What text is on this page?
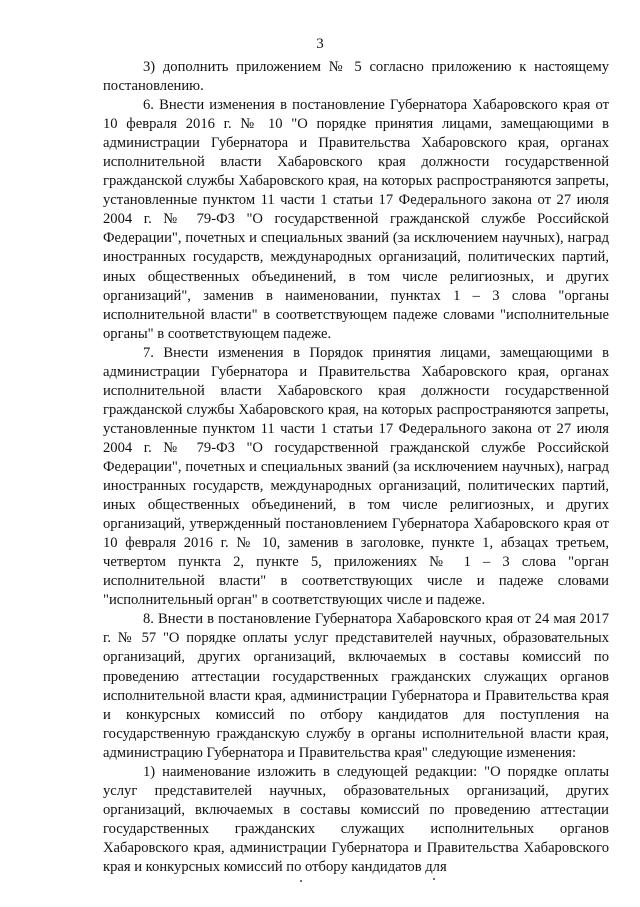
3

3) дополнить приложением № 5 согласно приложению к настоящему постановлению.

6. Внести изменения в постановление Губернатора Хабаровского края от 10 февраля 2016 г. № 10 "О порядке принятия лицами, замещающими в администрации Губернатора и Правительства Хабаровского края, органах исполнительной власти Хабаровского края должности государственной гражданской службы Хабаровского края, на которых распространяются запреты, установленные пунктом 11 части 1 статьи 17 Федерального закона от 27 июля 2004 г. № 79-ФЗ "О государственной гражданской службе Российской Федерации", почетных и специальных званий (за исключением научных), наград иностранных государств, международных организаций, политических партий, иных общественных объединений, в том числе религиозных, и других организаций", заменив в наименовании, пунктах 1 – 3 слова "органы исполнительной власти" в соответствующем падеже словами "исполнительные органы" в соответствующем падеже.

7. Внести изменения в Порядок принятия лицами, замещающими в администрации Губернатора и Правительства Хабаровского края, органах исполнительной власти Хабаровского края должности государственной гражданской службы Хабаровского края, на которых распространяются запреты, установленные пунктом 11 части 1 статьи 17 Федерального закона от 27 июля 2004 г. № 79-ФЗ "О государственной гражданской службе Российской Федерации", почетных и специальных званий (за исключением научных), наград иностранных государств, международных организаций, политических партий, иных общественных объединений, в том числе религиозных, и других организаций, утвержденный постановлением Губернатора Хабаровского края от 10 февраля 2016 г. № 10, заменив в заголовке, пункте 1, абзацах третьем, четвертом пункта 2, пункте 5, приложениях № 1 – 3 слова "орган исполнительной власти" в соответствующих числе и падеже словами "исполнительный орган" в соответствующих числе и падеже.

8. Внести в постановление Губернатора Хабаровского края от 24 мая 2017 г. № 57 "О порядке оплаты услуг представителей научных, образовательных организаций, других организаций, включаемых в составы комиссий по проведению аттестации государственных гражданских служащих органов исполнительной власти края, администрации Губернатора и Правительства края и конкурсных комиссий по отбору кандидатов для поступления на государственную гражданскую службу в органы исполнительной власти края, администрацию Губернатора и Правительства края" следующие изменения:

1) наименование изложить в следующей редакции: "О порядке оплаты услуг представителей научных, образовательных организаций, других организаций, включаемых в составы комиссий по проведению аттестации государственных гражданских служащих исполнительных органов Хабаровского края, администрации Губернатора и Правительства Хабаровского края и конкурсных комиссий по отбору кандидатов для
